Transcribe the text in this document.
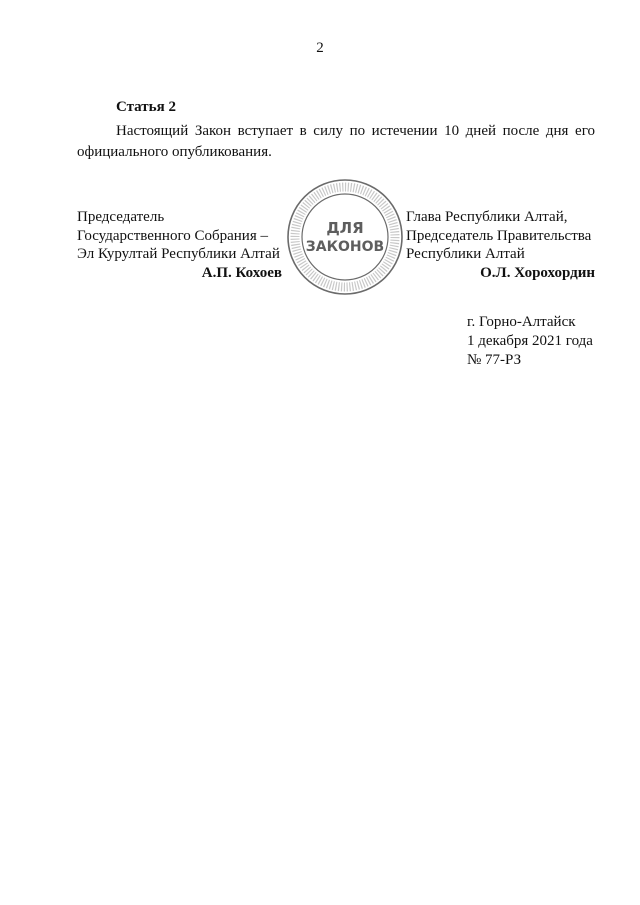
2
Статья 2

Настоящий Закон вступает в силу по истечении 10 дней после дня его официального опубликования.

Председатель
Государственного Собрания –
Эл Курултай Республики Алтай
А.П. Кохоев
ДЛЯ
ЗАКОНОВ
Глава Республики Алтай,
Председатель Правительства
Республики Алтай
О.Л. Хорохордин
г. Горно-Алтайск
1 декабря 2021 года
№ 77-РЗ
